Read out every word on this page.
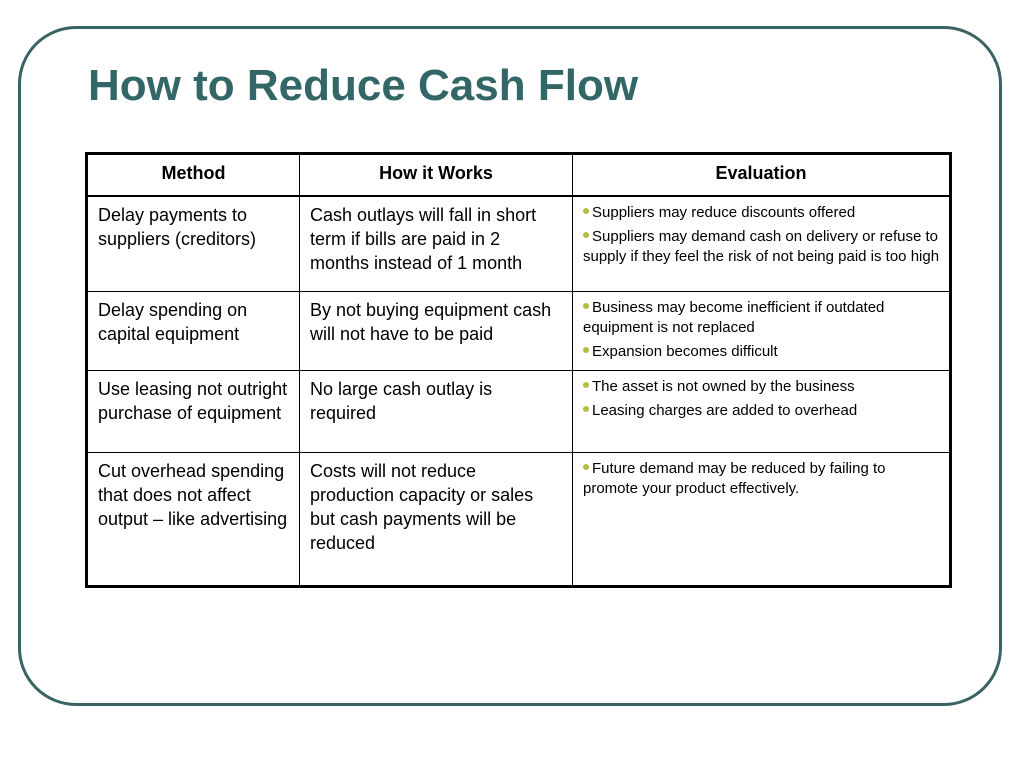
How to Reduce Cash Flow
Method	How it Works	Evaluation
Delay payments to suppliers (creditors)	Cash outlays will fall in short term if bills are paid in 2 months instead of 1 month	Suppliers may reduce discounts offered
Suppliers may demand cash on delivery or refuse to supply if they feel the risk of not being paid is too high

Delay spending on capital equipment	By not buying equipment cash will not have to be paid	Business may become inefficient if outdated equipment is not replaced
Expansion becomes difficult

Use leasing not outright purchase of equipment	No large cash outlay is required	The asset is not owned by the business
Leasing charges are added to overhead

Cut overhead spending that does not affect output – like advertising	Costs will not reduce production capacity or sales but cash payments will be reduced	Future demand may be reduced by failing to promote your product effectively.
